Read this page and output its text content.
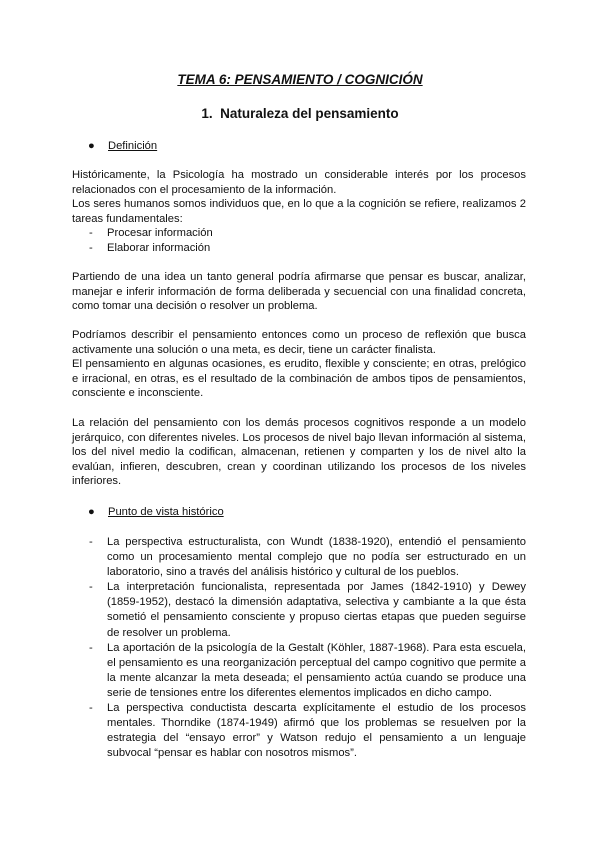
TEMA 6: PENSAMIENTO / COGNICIÓN
1. Naturaleza del pensamiento
●	Definición

Históricamente, la Psicología ha mostrado un considerable interés por los procesos relacionados con el procesamiento de la información.

Los seres humanos somos individuos que, en lo que a la cognición se refiere, realizamos 2 tareas fundamentales:

- Procesar información
- Elaborar información

Partiendo de una idea un tanto general podría afirmarse que pensar es buscar, analizar, manejar e inferir información de forma deliberada y secuencial con una finalidad concreta, como tomar una decisión o resolver un problema.

Podríamos describir el pensamiento entonces como un proceso de reflexión que busca activamente una solución o una meta, es decir, tiene un carácter finalista.

El pensamiento en algunas ocasiones, es erudito, flexible y consciente; en otras, prelógico e irracional, en otras, es el resultado de la combinación de ambos tipos de pensamientos, consciente e inconsciente.

La relación del pensamiento con los demás procesos cognitivos responde a un modelo jerárquico, con diferentes niveles. Los procesos de nivel bajo llevan información al sistema, los del nivel medio la codifican, almacenan, retienen y comparten y los de nivel alto la evalúan, infieren, descubren, crean y coordinan utilizando los procesos de los niveles inferiores.

●	Punto de vista histórico
- La perspectiva estructuralista, con Wundt (1838-1920), entendió el pensamiento como un procesamiento mental complejo que no podía ser estructurado en un laboratorio, sino a través del análisis histórico y cultural de los pueblos.
- La interpretación funcionalista, representada por James (1842-1910) y Dewey (1859-1952), destacó la dimensión adaptativa, selectiva y cambiante a la que ésta sometió el pensamiento consciente y propuso ciertas etapas que pueden seguirse de resolver un problema.
- La aportación de la psicología de la Gestalt (Köhler, 1887-1968). Para esta escuela, el pensamiento es una reorganización perceptual del campo cognitivo que permite a la mente alcanzar la meta deseada; el pensamiento actúa cuando se produce una serie de tensiones entre los diferentes elementos implicados en dicho campo.
- La perspectiva conductista descarta explícitamente el estudio de los procesos mentales. Thorndike (1874-1949) afirmó que los problemas se resuelven por la estrategia del “ensayo error” y Watson redujo el pensamiento a un lenguaje subvocal “pensar es hablar con nosotros mismos”.
